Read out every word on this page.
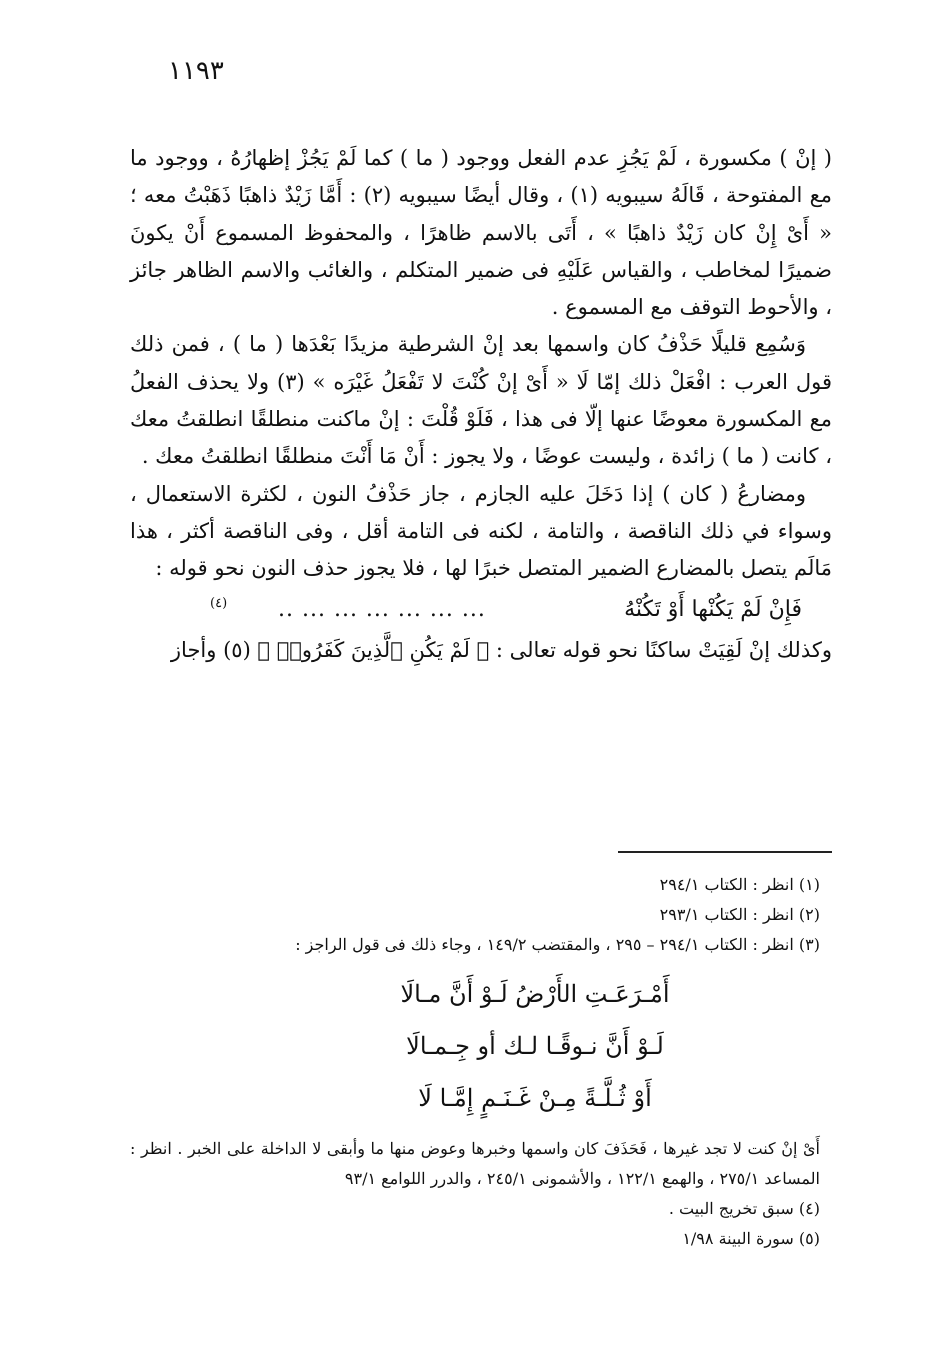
١١٩٣

( إنْ ) مكسورة ، لَمْ يَجُزِ عدم الفعل ووجود ( ما ) كما لَمْ يَجُزْ إظهارُهُ ، ووجود ما مع المفتوحة ، قَالَهُ سيبويه (١) ، وقال أيضًا سيبويه (٢) : أَمَّا زَيْدٌ ذاهبًا ذَهَبْتُ معه ؛ « أَىْ إِنْ كان زَيْدٌ ذاهبًا » ، أَتَى بالاسم ظاهرًا ، والمحفوظ المسموع أَنْ يكونَ ضميرًا لمخاطب ، والقياس عَلَيْهِ فى ضمير المتكلم ، والغائب والاسم الظاهر جائز ، والأحوط التوقف مع المسموع .

وَسُمِع قليلًا حَذْفُ كان واسمها بعد إنْ الشرطية مزيدًا بَعْدَها ( ما ) ، فمن ذلك قول العرب : افْعَلْ ذلك إمّا لَا « أَىْ إنْ كُنْتَ لا تَفْعَلُ غَيْرَه » (٣) ولا يحذف الفعلُ مع المكسورة معوضًا عنها إلّا فى هذا ، فَلَوْ قُلْتَ : إنْ ماكنت منطلقًا انطلقتُ معك ، كانت ( ما ) زائدة ، وليست عوضًا ، ولا يجوز : أَنْ مَا أَنْتَ منطلقًا انطلقتُ معك .

ومضارعُ ( كان ) إذا دَخَلَ عليه الجازم ، جاز حَذْفُ النون ، لكثرة الاستعمال ، وسواء في ذلك الناقصة ، والتامة ، لكنه فى التامة أقل ، وفى الناقصة أكثر ، هذا مَالَم يتصل بالمضارع الضمير المتصل خبرًا لها ، فلا يجوز حذف النون نحو قوله :

فَإِنْ لَمْ يَكُنْها أَوْ تَكُنْهُ
... ... ... ... ... ... ..
(٤)

وكذلك إنْ لَقِيَتْ ساكنًا نحو قوله تعالى : ﴿ لَمْ يَكُنِ ٱلَّذِينَ كَفَرُوا۟ ﴾ (٥) وأجاز

(١) انظر : الكتاب ٢٩٤/١

(٢) انظر : الكتاب ٢٩٣/١

(٣) انظر : الكتاب ٢٩٤/١ – ٢٩٥ ، والمقتضب ١٤٩/٢ ، وجاء ذلك فى قول الراجز :

أَمْـرَعَـتِ الأَرْضُ لَـوْ أَنَّ مـالَا
لَـوْ أَنَّ نـوقًـا لـك أو جِـمـالَا
أَوْ ثُـلَّـةً مِـنْ غَـنَـمٍ إِمَّـا لَا

أَىْ إنْ كنت لا تجد غيرها ، فَحَذَفَ كان واسمها وخبرها وعوض منها ما وأبقى لا الداخلة على الخبر . انظر : المساعد ٢٧٥/١ ، والهمع ١٢٢/١ ، والأشمونى ٢٤٥/١ ، والدرر اللوامع ٩٣/١

(٤) سبق تخريج البيت .

(٥) سورة البينة ١/٩٨
